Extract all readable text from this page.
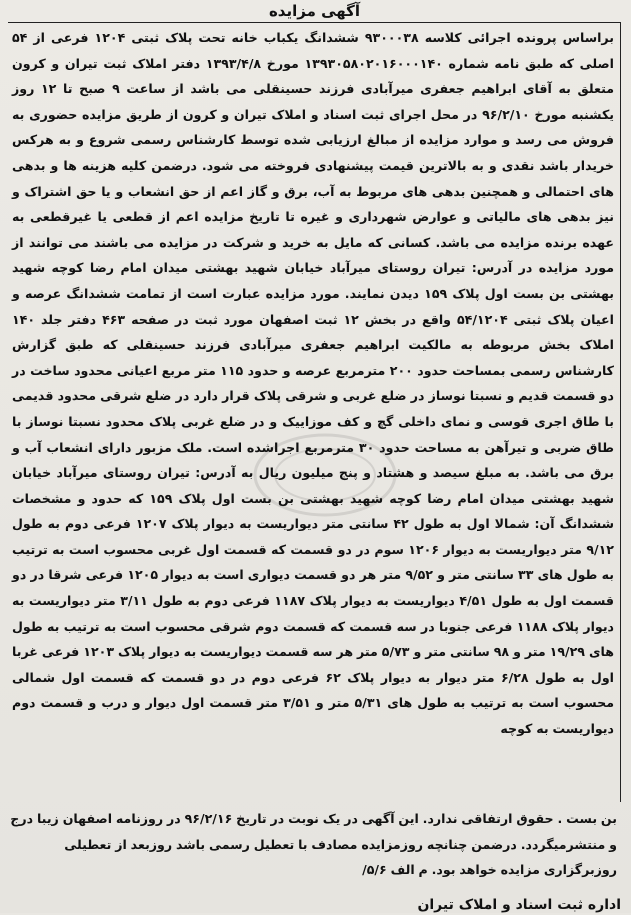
آگهی مزایده

براساس پرونده اجرائی کلاسه ۹۳۰۰۰۳۸ ششدانگ یکباب خانه تحت پلاک ثبتی ۱۲۰۴ فرعی از ۵۴ اصلی که طبق نامه شماره ۱۳۹۳۰۵۸۰۲۰۱۶۰۰۰۱۴۰ مورخ ۱۳۹۳/۴/۸ دفتر املاک ثبت تیران و کرون متعلق به آقای ابراهیم جعفری میرآبادی فرزند حسینقلی می باشد از ساعت ۹ صبح تا ۱۲ روز یکشنبه مورخ ۹۶/۲/۱۰ در محل اجرای ثبت اسناد و املاک تیران و کرون از طریق مزایده حضوری به فروش می رسد و موارد مزایده از مبالغ ارزیابی شده توسط کارشناس رسمی شروع و به هرکس خریدار باشد نقدی و به بالاترین قیمت پیشنهادی فروخته می شود. درضمن کلیه هزینه ها و بدهی های احتمالی و همچنین بدهی های مربوط به آب، برق و گاز اعم از حق انشعاب و یا حق اشتراک و نیز بدهی های مالیاتی و عوارض شهرداری و غیره تا تاریخ مزایده اعم از قطعی یا غیرقطعی به عهده برنده مزایده می باشد. کسانی که مایل به خرید و شرکت در مزایده می باشند می توانند از مورد مزایده در آدرس: تیران روستای میرآباد خیابان شهید بهشتی میدان امام رضا کوچه شهید بهشتی بن بست اول پلاک ۱۵۹ دیدن نمایند. مورد مزایده عبارت است از تمامت ششدانگ عرصه و اعیان پلاک ثبتی ۵۴/۱۲۰۴ واقع در بخش ۱۲ ثبت اصفهان مورد ثبت در صفحه ۴۶۳ دفتر جلد ۱۴۰ املاک بخش مربوطه به مالکیت ابراهیم جعفری میرآبادی فرزند حسینقلی که طبق گزارش کارشناس رسمی بمساحت حدود ۲۰۰ مترمربع عرصه و حدود ۱۱۵ متر مربع اعیانی محدود ساخت در دو قسمت قدیم و نسبتا نوساز در ضلع غربی و شرقی پلاک قرار دارد در ضلع شرقی محدود قدیمی با طاق اجری قوسی و نمای داخلی گچ و کف موزاییک و در ضلع غربی پلاک محدود نسبتا نوساز با طاق ضربی و تیرآهن به مساحت حدود ۳۰ مترمربع اجراشده است. ملک مزبور دارای انشعاب آب و برق می باشد. به مبلغ سیصد و هشتاد و پنج میلیون ریال به آدرس: تیران روستای میرآباد خیابان شهید بهشتی میدان امام رضا کوچه شهید بهشتی بن بست اول پلاک ۱۵۹ که حدود و مشخصات ششدانگ آن: شمالا اول به طول ۴۲ سانتی متر دیواریست به دیوار پلاک ۱۲۰۷ فرعی دوم به طول ۹/۱۲ متر دیواریست به دیوار ۱۲۰۶ سوم در دو قسمت که قسمت اول غربی محسوب است به ترتیب به طول های ۳۳ سانتی متر و ۹/۵۲ متر هر دو قسمت دیواری است به دیوار ۱۲۰۵ فرعی شرقا در دو قسمت اول به طول ۴/۵۱ دیواریست به دیوار پلاک ۱۱۸۷ فرعی دوم به طول ۳/۱۱ متر دیواریست به دیوار پلاک ۱۱۸۸ فرعی جنوبا در سه قسمت که قسمت دوم شرقی محسوب است به ترتیب به طول های ۱۹/۲۹ متر و ۹۸ سانتی متر و ۵/۷۳ متر هر سه قسمت دیواریست به دیوار پلاک ۱۲۰۳ فرعی غربا اول به طول ۶/۲۸ متر دیوار به دیوار پلاک ۶۲ فرعی دوم در دو قسمت که قسمت اول شمالی محسوب است به ترتیب به طول های ۵/۳۱ متر و ۳/۵۱ متر قسمت اول دیوار و درب و قسمت دوم دیواریست به کوچه

بن بست . حقوق ارتفاقی ندارد. این آگهی در یک نوبت در تاریخ ۹۶/۲/۱۶ در روزنامه اصفهان زیبا درج و منتشرمیگردد. درضمن چنانچه روزمزایده مصادف با تعطیل رسمی باشد روزبعد از تعطیلی روزبرگزاری مزایده خواهد بود. م الف ۵/۶/

اداره ثبت اسناد و املاک تیران
